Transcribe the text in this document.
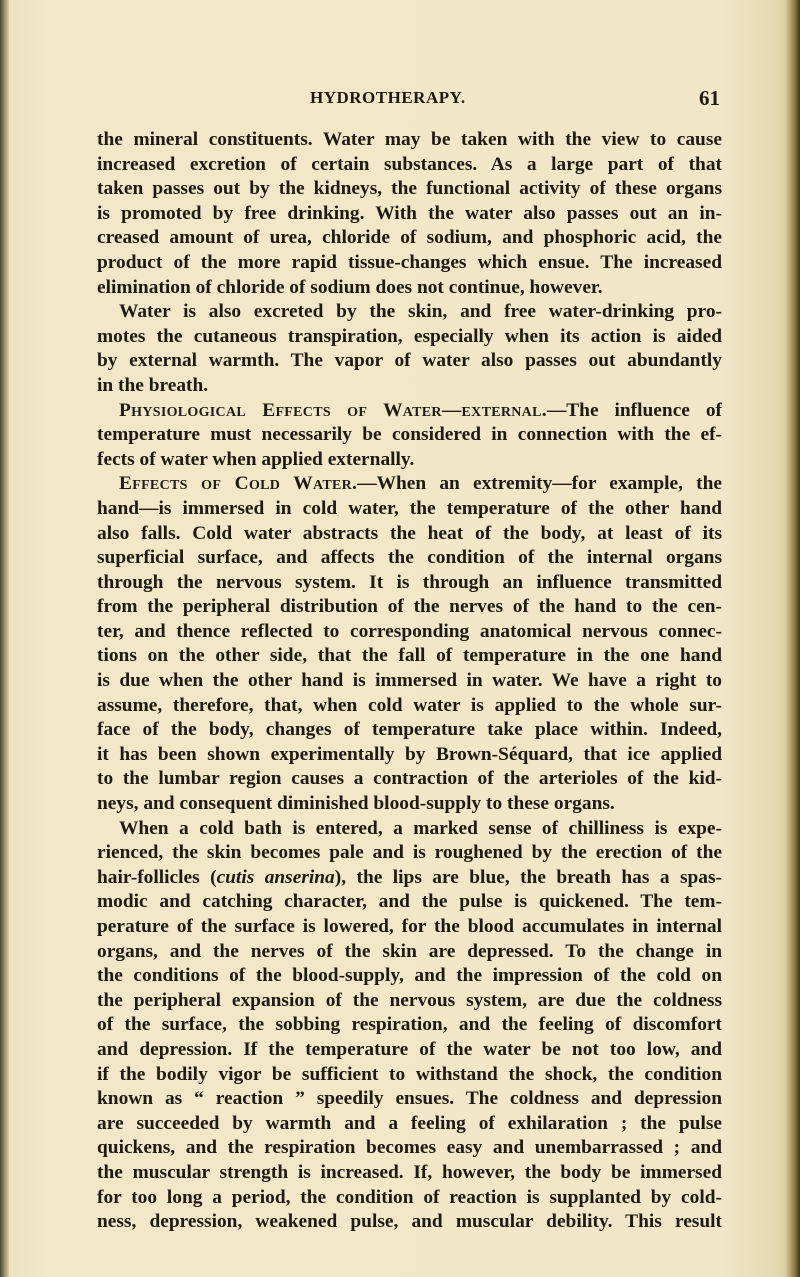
HYDROTHERAPY.	61
the mineral constituents. Water may be taken with the view to cause
increased excretion of certain substances. As a large part of that
taken passes out by the kidneys, the functional activity of these organs
is promoted by free drinking. With the water also passes out an in-
creased amount of urea, chloride of sodium, and phosphoric acid, the
product of the more rapid tissue-changes which ensue. The increased
elimination of chloride of sodium does not continue, however.
Water is also excreted by the skin, and free water-drinking pro-
motes the cutaneous transpiration, especially when its action is aided
by external warmth. The vapor of water also passes out abundantly
in the breath.
Physiological Effects of Water—external.—The influence of
temperature must necessarily be considered in connection with the ef-
fects of water when applied externally.
Effects of Cold Water.—When an extremity—for example, the
hand—is immersed in cold water, the temperature of the other hand
also falls. Cold water abstracts the heat of the body, at least of its
superficial surface, and affects the condition of the internal organs
through the nervous system. It is through an influence transmitted
from the peripheral distribution of the nerves of the hand to the cen-
ter, and thence reflected to corresponding anatomical nervous connec-
tions on the other side, that the fall of temperature in the one hand
is due when the other hand is immersed in water. We have a right to
assume, therefore, that, when cold water is applied to the whole sur-
face of the body, changes of temperature take place within. Indeed,
it has been shown experimentally by Brown-Séquard, that ice applied
to the lumbar region causes a contraction of the arterioles of the kid-
neys, and consequent diminished blood-supply to these organs.
When a cold bath is entered, a marked sense of chilliness is expe-
rienced, the skin becomes pale and is roughened by the erection of the
hair-follicles (cutis anserina), the lips are blue, the breath has a spas-
modic and catching character, and the pulse is quickened. The tem-
perature of the surface is lowered, for the blood accumulates in internal
organs, and the nerves of the skin are depressed. To the change in
the conditions of the blood-supply, and the impression of the cold on
the peripheral expansion of the nervous system, are due the coldness
of the surface, the sobbing respiration, and the feeling of discomfort
and depression. If the temperature of the water be not too low, and
if the bodily vigor be sufficient to withstand the shock, the condition
known as “ reaction ” speedily ensues. The coldness and depression
are succeeded by warmth and a feeling of exhilaration ; the pulse
quickens, and the respiration becomes easy and unembarrassed ; and
the muscular strength is increased. If, however, the body be immersed
for too long a period, the condition of reaction is supplanted by cold-
ness, depression, weakened pulse, and muscular debility. This result
